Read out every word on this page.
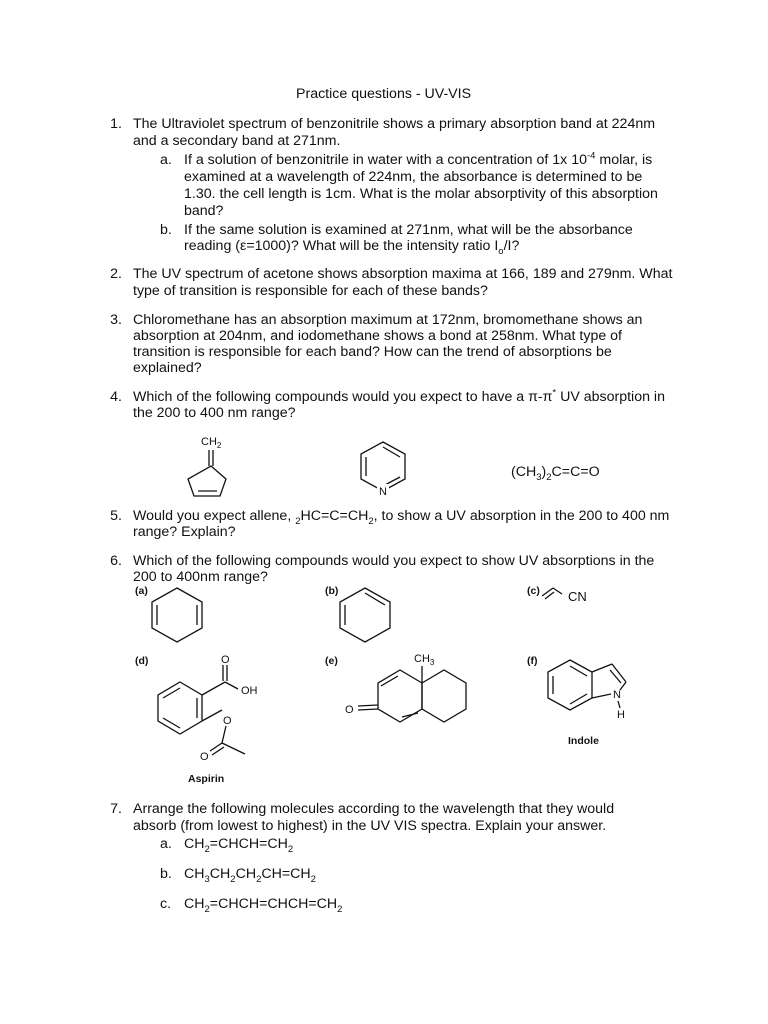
Practice questions - UV-VIS
1. The Ultraviolet spectrum of benzonitrile shows a primary absorption band at 224nm
and a secondary band at 271nm.
a. If a solution of benzonitrile in water with a concentration of 1x $10^{-4}$ molar, is
examined at a wavelength of 224nm, the absorbance is determined to be
1.30. the cell length is 1cm. What is the molar absorptivity of this absorption
band?
b. If the same solution is examined at 271nm, what will be the absorbance
reading (ε=1000)? What will be the intensity ratio $I_o/I$?
2. The UV spectrum of acetone shows absorption maxima at 166, 189 and 279nm. What
type of transition is responsible for each of these bands?
3. Chloromethane has an absorption maximum at 172nm, bromomethane shows an
absorption at 204nm, and iodomethane shows a bond at 258nm. What type of
transition is responsible for each band? How can the trend of absorptions be
explained?
4. Which of the following compounds would you expect to have a π-π* UV absorption in
the 200 to 400 nm range?
$CH_2$
N
$(CH_3)_2C=C=O$
5. Would you expect allene, $_2HC=C=CH_2$, to show a UV absorption in the 200 to 400 nm
range? Explain?
6. Which of the following compounds would you expect to show UV absorptions in the
200 to 400nm range?
(a)	(b)	(c) CN
(d)	O
OH
O
O
Aspirin
(e)	$CH_3$
O
(f)
N
H
Indole
7. Arrange the following molecules according to the wavelength that they would
absorb (from lowest to highest) in the UV VIS spectra. Explain your answer.
a. $CH_2=CHCH=CH_2$
b. $CH_3CH_2CH_2CH=CH_2$
c. $CH_2=CHCH=CHCH=CH_2$
